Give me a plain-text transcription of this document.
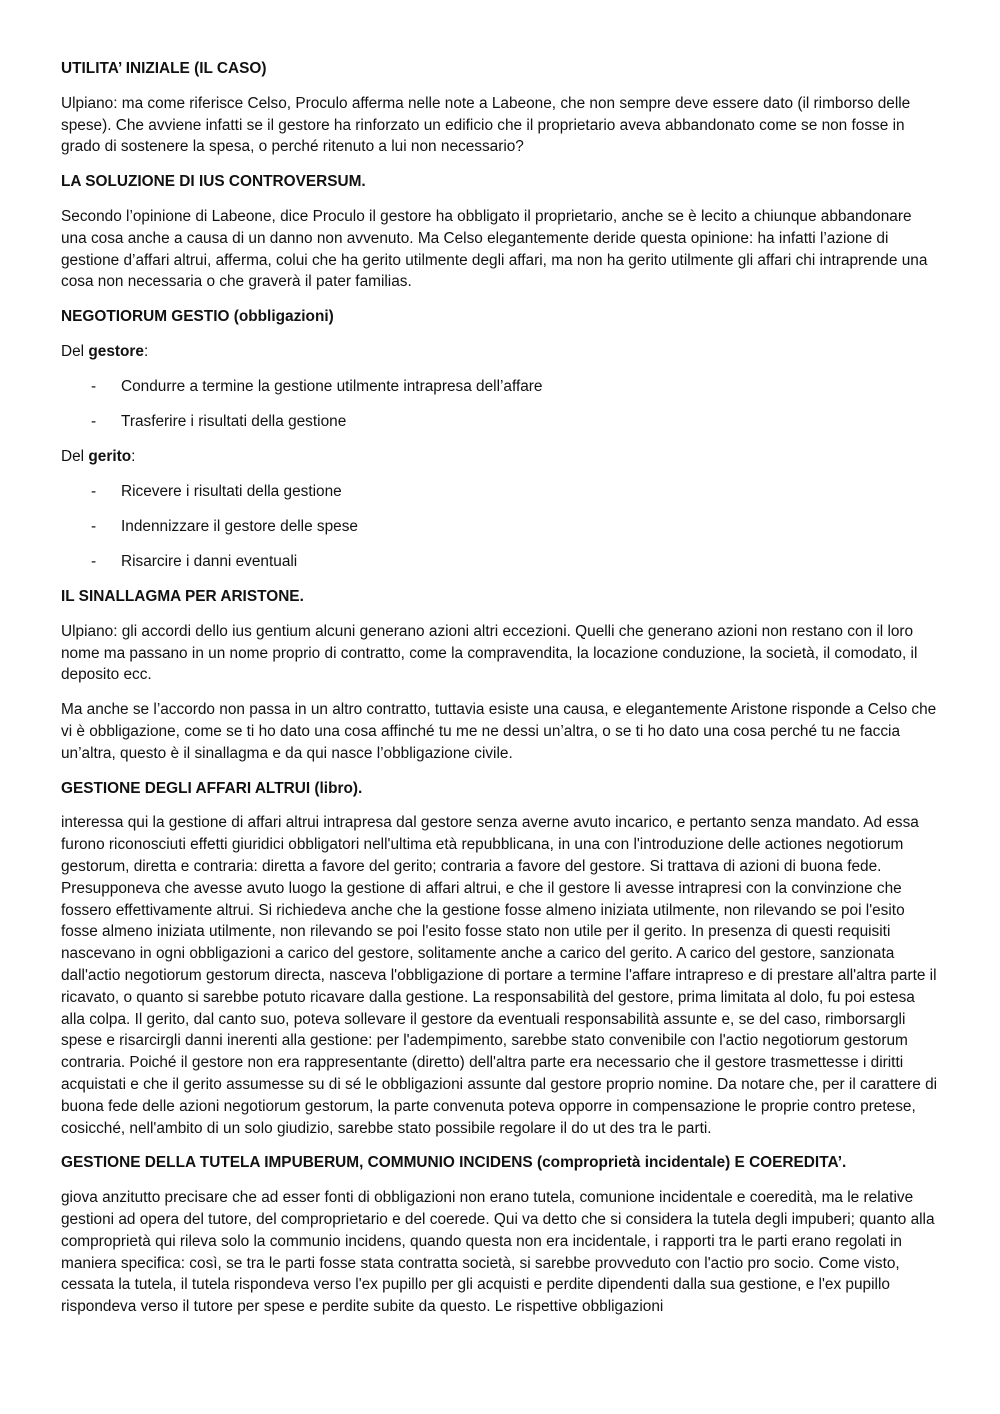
UTILITA’ INIZIALE (IL CASO)

Ulpiano: ma come riferisce Celso, Proculo afferma nelle note a Labeone, che non sempre deve essere dato (il rimborso delle spese). Che avviene infatti se il gestore ha rinforzato un edificio che il proprietario aveva abbandonato come se non fosse in grado di sostenere la spesa, o perché ritenuto a lui non necessario?

LA SOLUZIONE DI IUS CONTROVERSUM.

Secondo l’opinione di Labeone, dice Proculo il gestore ha obbligato il proprietario, anche se è lecito a chiunque abbandonare una cosa anche a causa di un danno non avvenuto. Ma Celso elegantemente deride questa opinione: ha infatti l’azione di gestione d’affari altrui, afferma, colui che ha gerito utilmente degli affari, ma non ha gerito utilmente gli affari chi intraprende una cosa non necessaria o che graverà il pater familias.

NEGOTIORUM GESTIO (obbligazioni)
Del gestore:
- Condurre a termine la gestione utilmente intrapresa dell’affare
- Trasferire i risultati della gestione
Del gerito:
- Ricevere i risultati della gestione
- Indennizzare il gestore delle spese
- Risarcire i danni eventuali
IL SINALLAGMA PER ARISTONE.

Ulpiano: gli accordi dello ius gentium alcuni generano azioni altri eccezioni. Quelli che generano azioni non restano con il loro nome ma passano in un nome proprio di contratto, come la compravendita, la locazione conduzione, la società, il comodato, il deposito ecc.

Ma anche se l’accordo non passa in un altro contratto, tuttavia esiste una causa, e elegantemente Aristone risponde a Celso che vi è obbligazione, come se ti ho dato una cosa affinché tu me ne dessi un’altra, o se ti ho dato una cosa perché tu ne faccia un’altra, questo è il sinallagma e da qui nasce l’obbligazione civile.

GESTIONE DEGLI AFFARI ALTRUI (libro).

interessa qui la gestione di affari altrui intrapresa dal gestore senza averne avuto incarico, e pertanto senza mandato. Ad essa furono riconosciuti effetti giuridici obbligatori nell'ultima età repubblicana, in una con l'introduzione delle actiones negotiorum gestorum, diretta e contraria: diretta a favore del gerito; contraria a favore del gestore. Si trattava di azioni di buona fede. Presupponeva che avesse avuto luogo la gestione di affari altrui, e che il gestore li avesse intrapresi con la convinzione che fossero effettivamente altrui. Si richiedeva anche che la gestione fosse almeno iniziata utilmente, non rilevando se poi l'esito fosse almeno iniziata utilmente, non rilevando se poi l'esito fosse stato non utile per il gerito. In presenza di questi requisiti nascevano in ogni obbligazioni a carico del gestore, solitamente anche a carico del gerito. A carico del gestore, sanzionata dall'actio negotiorum gestorum directa, nasceva l'obbligazione di portare a termine l'affare intrapreso e di prestare all'altra parte il ricavato, o quanto si sarebbe potuto ricavare dalla gestione. La responsabilità del gestore, prima limitata al dolo, fu poi estesa alla colpa. Il gerito, dal canto suo, poteva sollevare il gestore da eventuali responsabilità assunte e, se del caso, rimborsargli spese e risarcirgli danni inerenti alla gestione: per l'adempimento, sarebbe stato convenibile con l'actio negotiorum gestorum contraria. Poiché il gestore non era rappresentante (diretto) dell'altra parte era necessario che il gestore trasmettesse i diritti acquistati e che il gerito assumesse su di sé le obbligazioni assunte dal gestore proprio nomine. Da notare che, per il carattere di buona fede delle azioni negotiorum gestorum, la parte convenuta poteva opporre in compensazione le proprie contro pretese, cosicché, nell'ambito di un solo giudizio, sarebbe stato possibile regolare il do ut des tra le parti.

GESTIONE DELLA TUTELA IMPUBERUM, COMMUNIO INCIDENS (comproprietà incidentale) E COEREDITA’.

giova anzitutto precisare che ad esser fonti di obbligazioni non erano tutela, comunione incidentale e coeredità, ma le relative gestioni ad opera del tutore, del comproprietario e del coerede. Qui va detto che si considera la tutela degli impuberi; quanto alla comproprietà qui rileva solo la communio incidens, quando questa non era incidentale, i rapporti tra le parti erano regolati in maniera specifica: così, se tra le parti fosse stata contratta società, si sarebbe provveduto con l'actio pro socio. Come visto, cessata la tutela, il tutela rispondeva verso l'ex pupillo per gli acquisti e perdite dipendenti dalla sua gestione, e l'ex pupillo rispondeva verso il tutore per spese e perdite subite da questo. Le rispettive obbligazioni
